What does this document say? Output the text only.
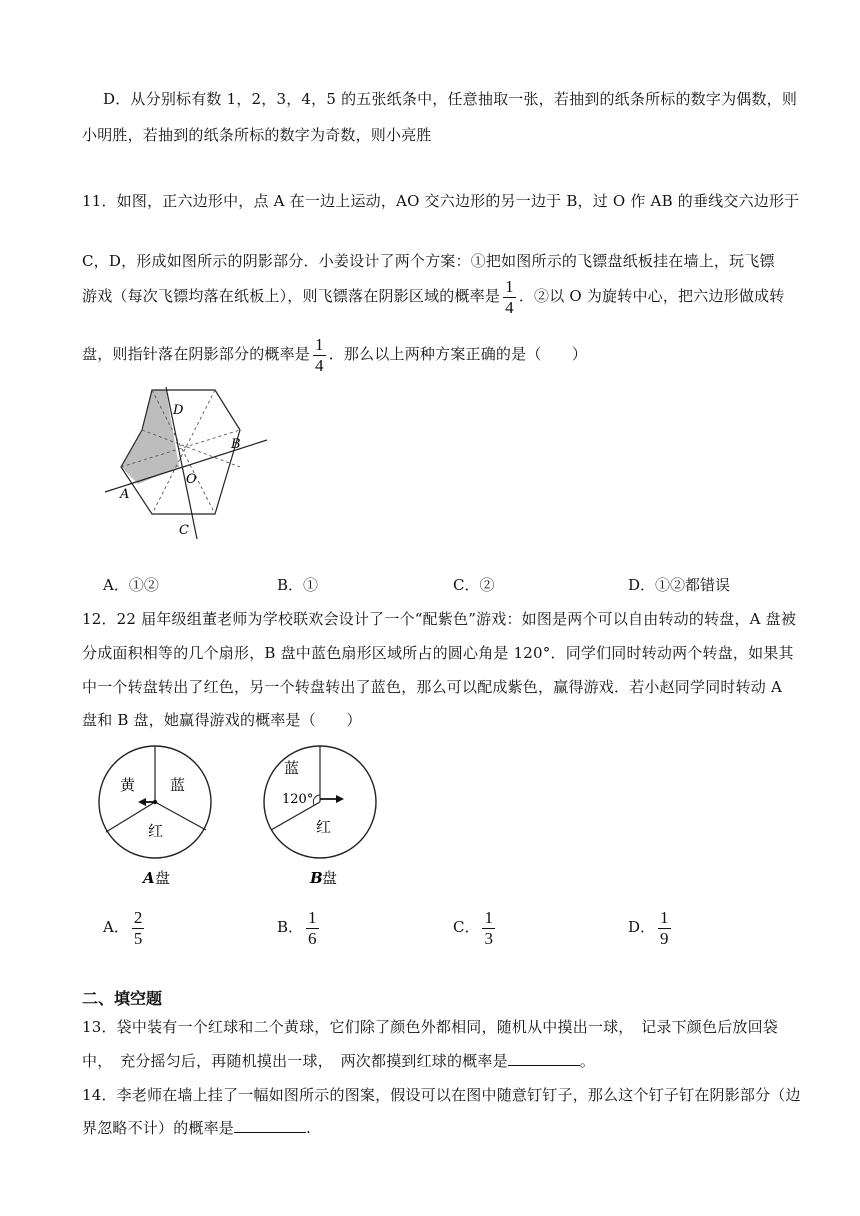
D．从分别标有数 1，2，3，4，5 的五张纸条中，任意抽取一张，若抽到的纸条所标的数字为偶数，则
小明胜，若抽到的纸条所标的数字为奇数，则小亮胜
11．如图，正六边形中，点 A 在一边上运动，AO 交六边形的另一边于 B，过 O 作 AB 的垂线交六边形于
C，D，形成如图所示的阴影部分．小姜设计了两个方案：①把如图所示的飞镖盘纸板挂在墙上，玩飞镖
游戏（每次飞镖均落在纸板上），则飞镖落在阴影区域的概率是 $\frac{1}{4}$ ．②以 O 为旋转中心，把六边形做成转
盘，则指针落在阴影部分的概率是 $\frac{1}{4}$ ．那么以上两种方案正确的是（　　）
D
B
O
A
C
A．①②	B．①	C．②	D．①②都错误
12．22 届年级组董老师为学校联欢会设计了一个“配紫色”游戏：如图是两个可以自由转动的转盘，A 盘被
分成面积相等的几个扇形，B 盘中蓝色扇形区域所占的圆心角是 120°．同学们同时转动两个转盘，如果其
中一个转盘转出了红色，另一个转盘转出了蓝色，那么可以配成紫色，赢得游戏．若小赵同学同时转动 A
盘和 B 盘，她赢得游戏的概率是（　　）
黄 蓝
红
A 盘
蓝
120°
红
B 盘
A． $\frac{2}{5}$	B． $\frac{1}{6}$	C． $\frac{1}{3}$	D． $\frac{1}{9}$
二、填空题
13．袋中装有一个红球和二个黄球，它们除了颜色外都相同，随机从中摸出一球，　记录下颜色后放回袋
中，　充分摇匀后，再随机摸出一球，　两次都摸到红球的概率是	。
14．李老师在墙上挂了一幅如图所示的图案，假设可以在图中随意钉钉子，那么这个钉子钉在阴影部分（边
界忽略不计）的概率是	.
